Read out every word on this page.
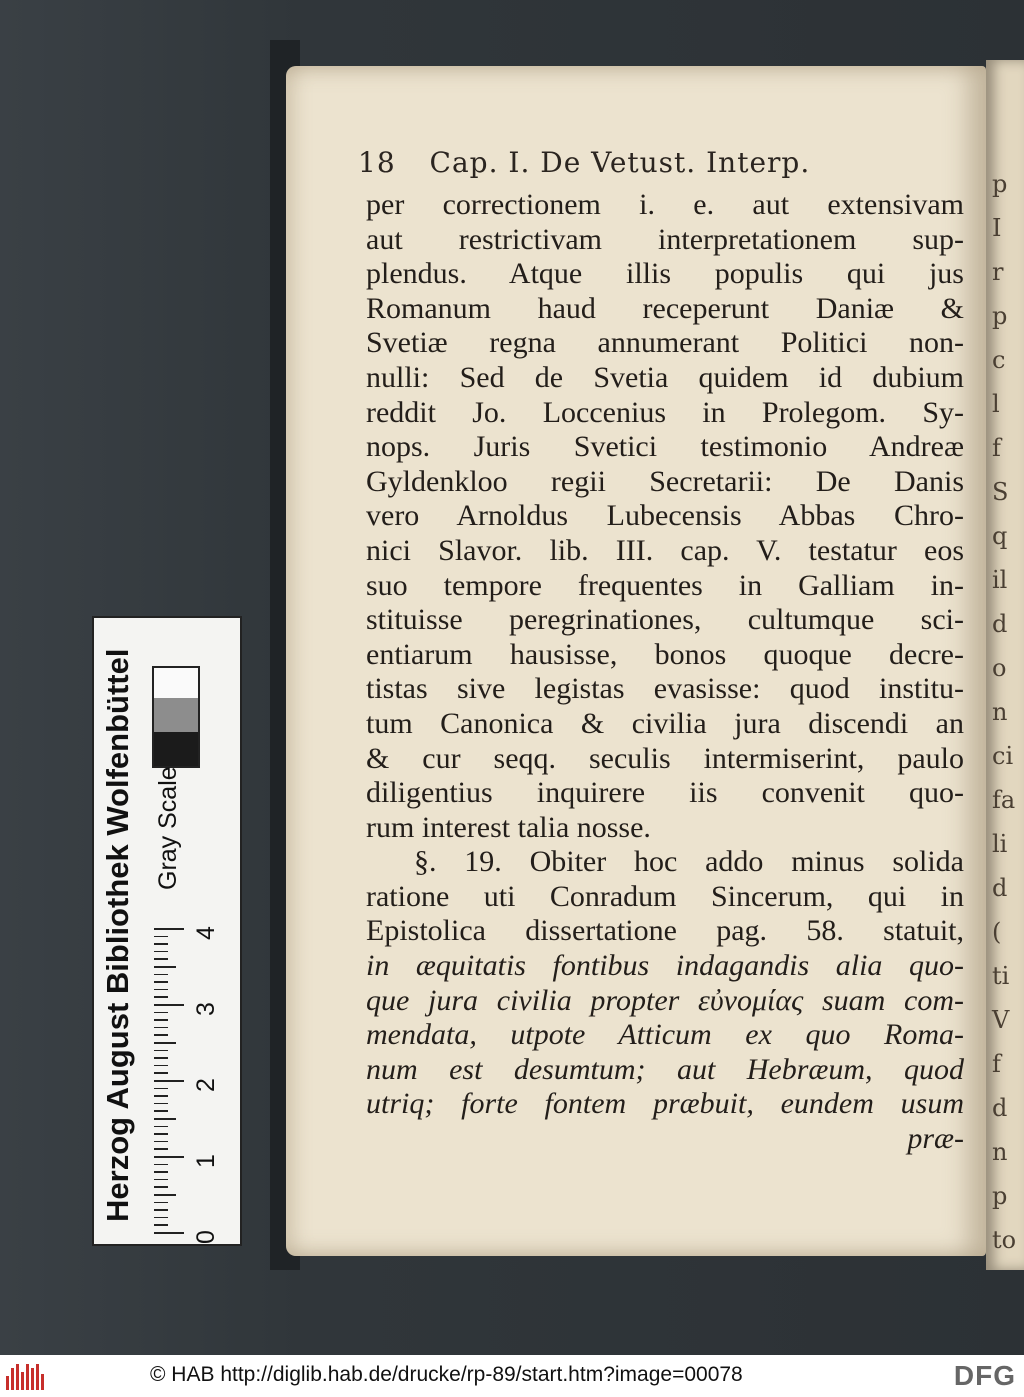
p
I
r
p
c
l
f
S
q
il
d
o
n
ci
fa
li
d
(
ti
V
f
d
n
p
to
18 Cap. I. De Vetust. Interp.
per correctionem i. e. aut extensivam
aut restrictivam interpretationem sup-
plendus. Atque illis populis qui jus
Romanum haud receperunt Daniæ &
Svetiæ regna annumerant Politici non-
nulli: Sed de Svetia quidem id dubium
reddit Jo. Loccenius in Prolegom. Sy-
nops. Juris Svetici testimonio Andreæ
Gyldenkloo regii Secretarii: De Danis
vero Arnoldus Lubecensis Abbas Chro-
nici Slavor. lib. III. cap. V. testatur eos
suo tempore frequentes in Galliam in-
stituisse peregrinationes, cultumque sci-
entiarum hausisse, bonos quoque decre-
tistas sive legistas evasisse: quod institu-
tum Canonica & civilia jura discendi an
& cur seqq. seculis intermiserint, paulo
diligentius inquirere iis convenit quo-
rum interest talia nosse.
§. 19. Obiter hoc addo minus solida
ratione uti Conradum Sincerum, qui in
Epistolica dissertatione pag. 58. statuit,
in æquitatis fontibus indagandis alia quo-
que jura civilia propter εὐνομίας suam com-
mendata, utpote Atticum ex quo Roma-
num est desumtum; aut Hebræum, quod
utriq; forte fontem præbuit, eundem usum
præ-
Herzog August Bibliothek Wolfenbüttel Gray Scale
0
1
2
3
4
© HAB http://diglib.hab.de/drucke/rp-89/start.htm?image=00078	DFG
